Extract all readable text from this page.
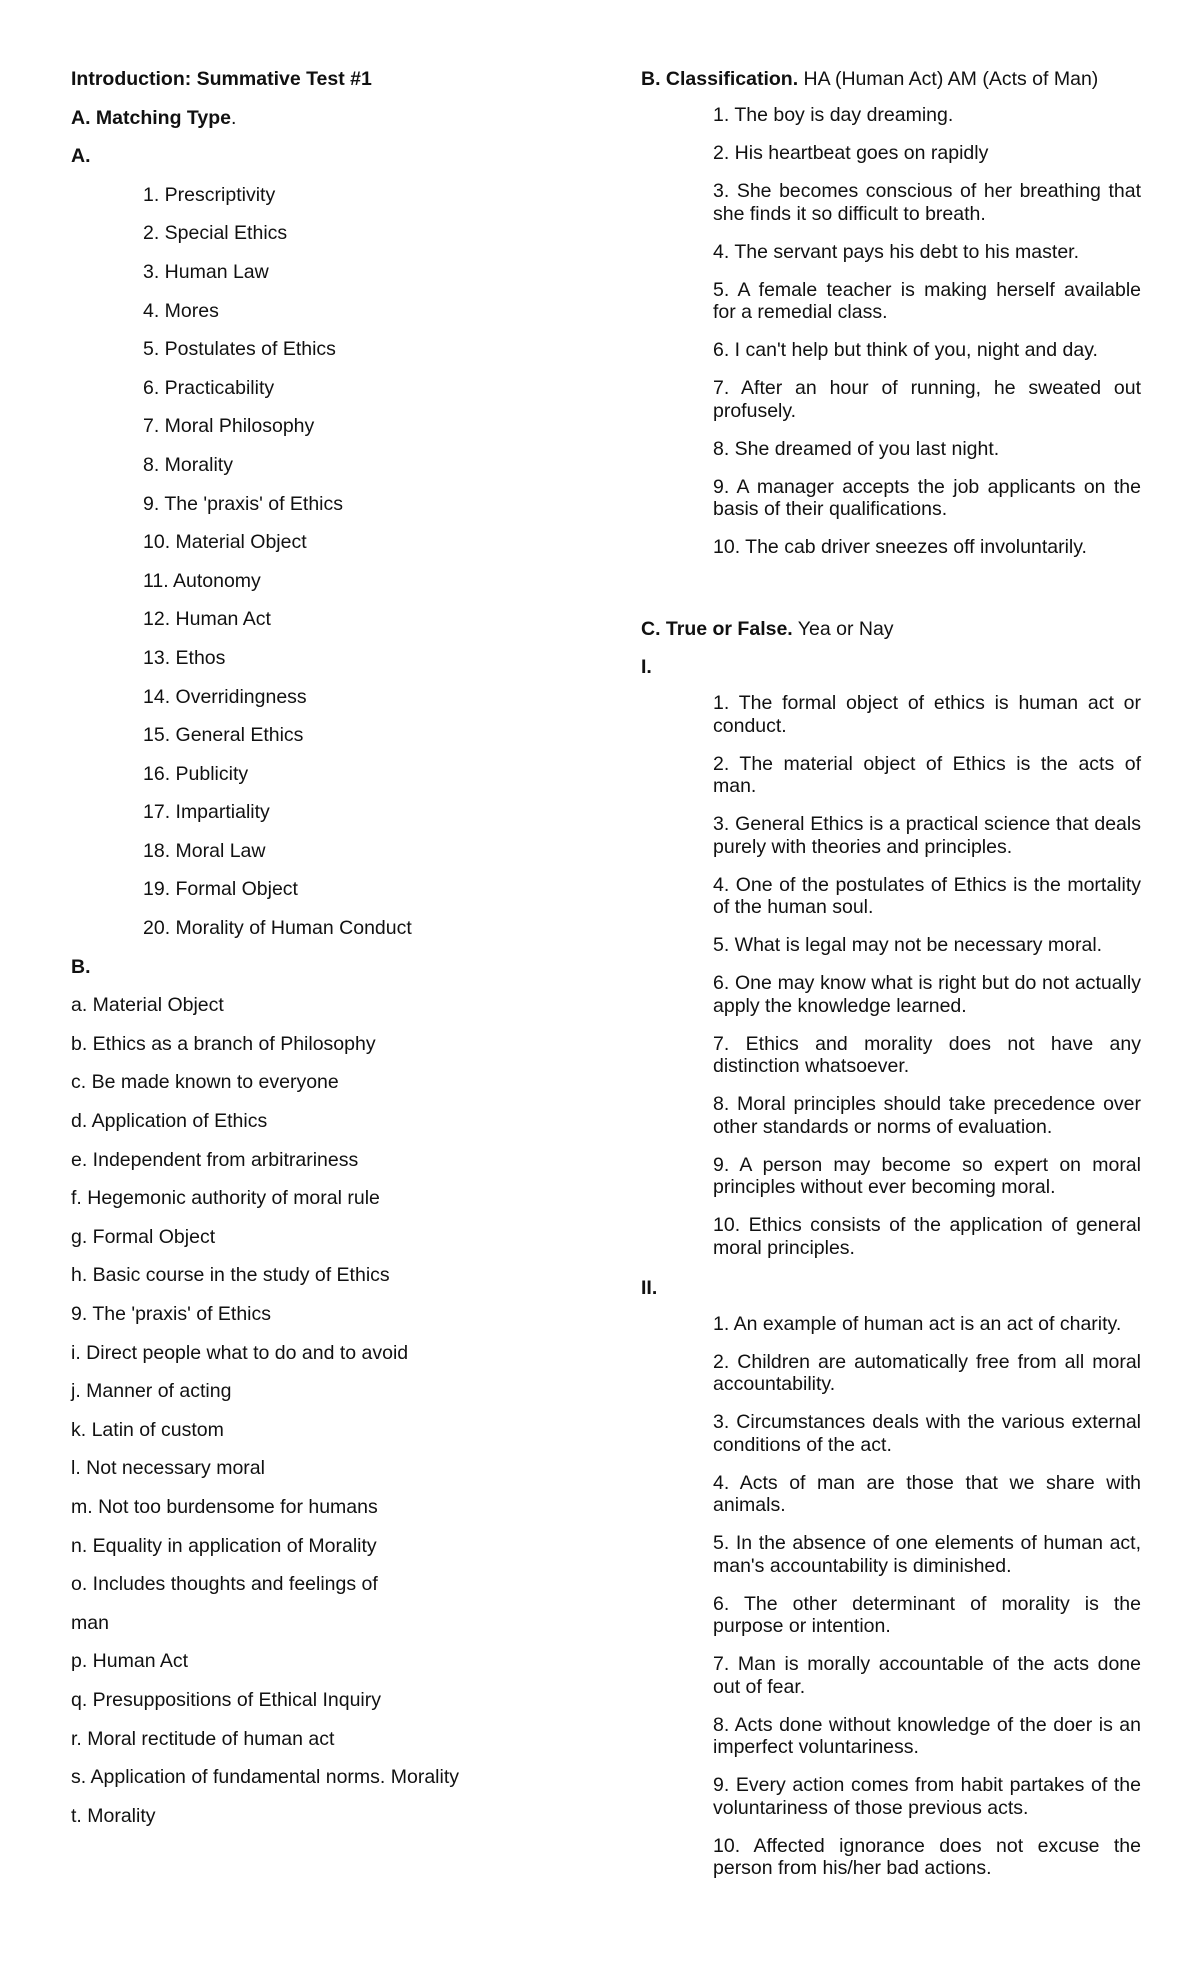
Introduction: Summative Test #1
A. Matching Type.
A.
1. Prescriptivity
2. Special Ethics
3. Human Law
4. Mores
5. Postulates of Ethics
6. Practicability
7. Moral Philosophy
8. Morality
9. The 'praxis' of Ethics
10. Material Object
11. Autonomy
12. Human Act
13. Ethos
14. Overridingness
15. General Ethics
16. Publicity
17. Impartiality
18. Moral Law
19. Formal Object
20. Morality of Human Conduct
B.
a. Material Object
b. Ethics as a branch of Philosophy
c. Be made known to everyone
d. Application of Ethics
e. Independent from arbitrariness
f. Hegemonic authority of moral rule
g. Formal Object
h. Basic course in the study of Ethics
9. The 'praxis' of Ethics
i. Direct people what to do and to avoid
j. Manner of acting
k. Latin of custom
l. Not necessary moral
m. Not too burdensome for humans
n. Equality in application of Morality
o. Includes thoughts and feelings of
man
p. Human Act
q. Presuppositions of Ethical Inquiry
r. Moral rectitude of human act
s. Application of fundamental norms. Morality
t. Morality
B. Classification. HA (Human Act) AM (Acts of Man)
1. The boy is day dreaming.
2. His heartbeat goes on rapidly
3. She becomes conscious of her breathing that she finds it so difficult to breath.
4. The servant pays his debt to his master.
5. A female teacher is making herself available for a remedial class.
6. I can't help but think of you, night and day.
7. After an hour of running, he sweated out profusely.
8. She dreamed of you last night.
9. A manager accepts the job applicants on the basis of their qualifications.
10. The cab driver sneezes off involuntarily.
C. True or False. Yea or Nay
I.
1. The formal object of ethics is human act or conduct.
2. The material object of Ethics is the acts of man.
3. General Ethics is a practical science that deals purely with theories and principles.
4. One of the postulates of Ethics is the mortality of the human soul.
5. What is legal may not be necessary moral.
6. One may know what is right but do not actually apply the knowledge learned.
7. Ethics and morality does not have any distinction whatsoever.
8. Moral principles should take precedence over other standards or norms of evaluation.
9. A person may become so expert on moral principles without ever becoming moral.
10. Ethics consists of the application of general moral principles.
II.
1. An example of human act is an act of charity.
2. Children are automatically free from all moral accountability.
3. Circumstances deals with the various external conditions of the act.
4. Acts of man are those that we share with animals.
5. In the absence of one elements of human act, man's accountability is diminished.
6. The other determinant of morality is the purpose or intention.
7. Man is morally accountable of the acts done out of fear.
8. Acts done without knowledge of the doer is an imperfect voluntariness.
9. Every action comes from habit partakes of the voluntariness of those previous acts.
10. Affected ignorance does not excuse the person from his/her bad actions.
